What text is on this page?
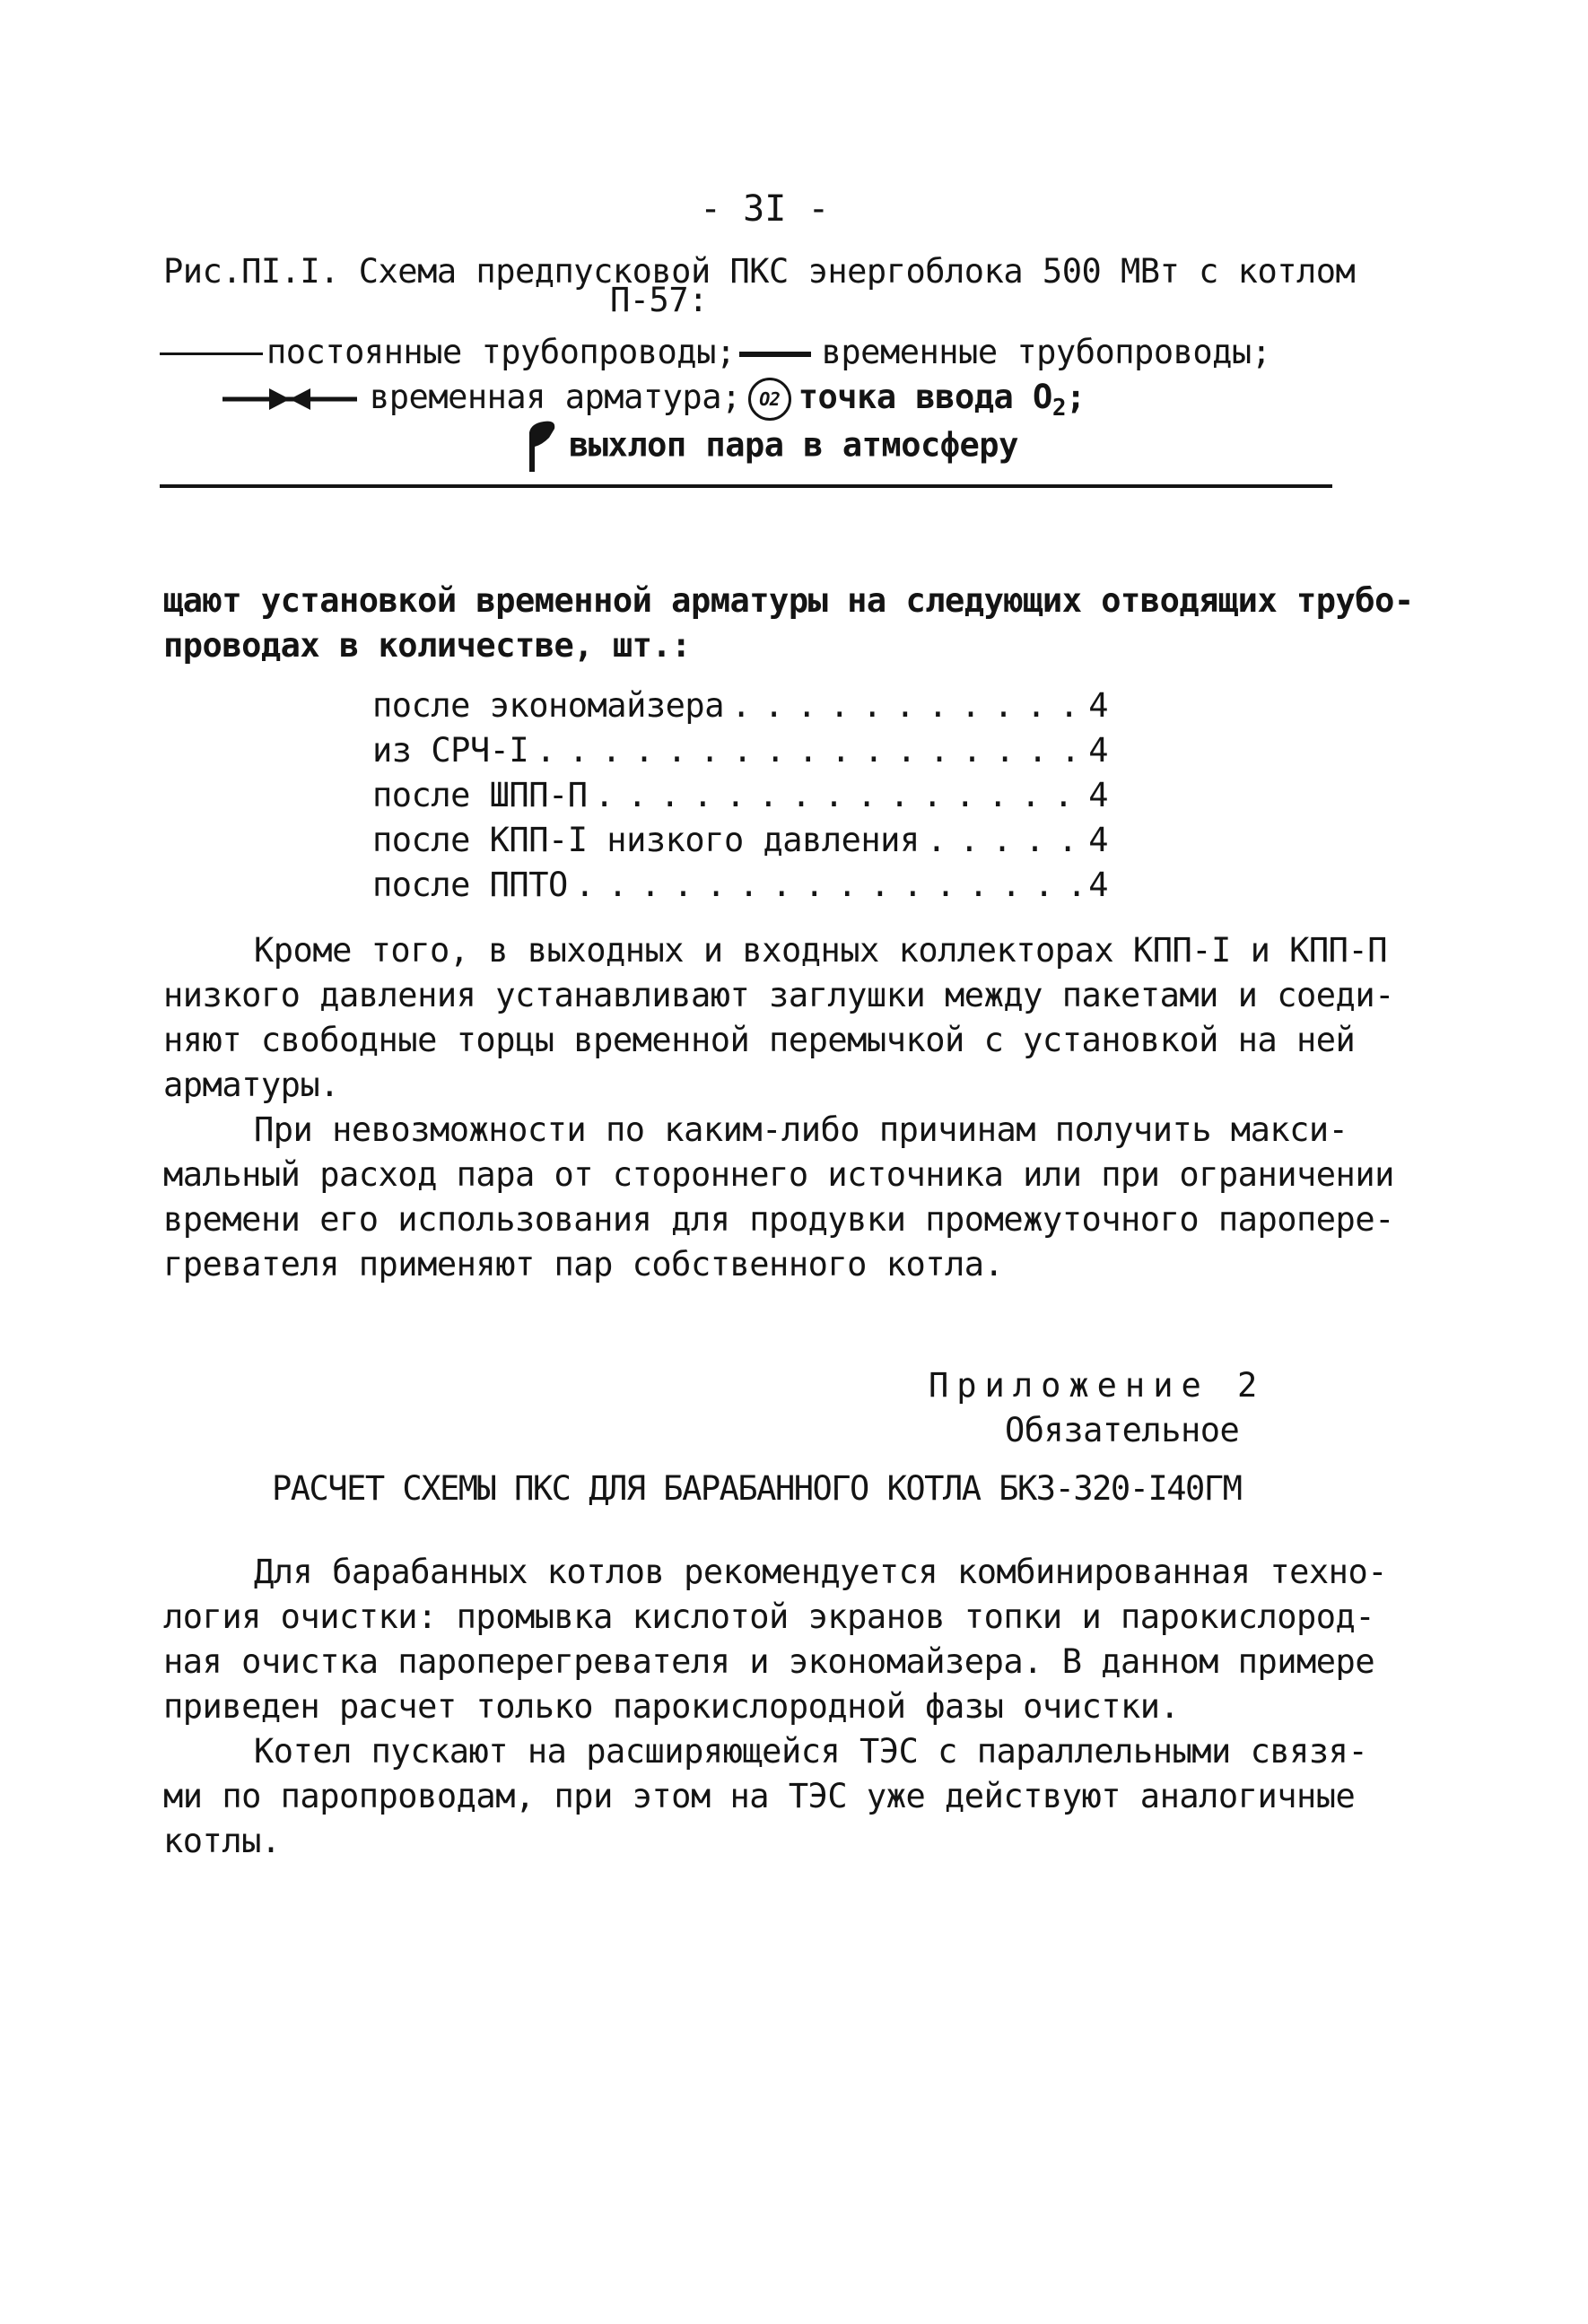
- 3I -
Рис.ПI.I. Схема предпусковой ПКС энергоблока 500 МВт с котлом
П-57:
постоянные трубопроводы;	временные трубопроводы;
временная арматура; O2 точка ввода $O_2$;
выхлоп пара в атмосферу
щают установкой временной арматуры на следующих отводящих трубо-
проводах в количестве, шт.:
после экономайзера . . .	4
из СРЧ-I . . .	4
после ШПП-П . . .	4
после КПП-I низкого давления . . .	4
после ППТО . . .	4
Кроме того, в выходных и входных коллекторах КПП-I и КПП-П
низкого давления устанавливают заглушки между пакетами и соеди-
няют свободные торцы временной перемычкой с установкой на ней
арматуры.
При невозможности по каким-либо причинам получить макси-
мальный расход пара от стороннего источника или при ограничении
времени его использования для продувки промежуточного паропере-
гревателя применяют пар собственного котла.
Приложение 2
Обязательное
РАСЧЕТ СХЕМЫ ПКС ДЛЯ БАРАБАННОГО КОТЛА БКЗ-320-I40ГМ
Для барабанных котлов рекомендуется комбинированная техно-
логия очистки: промывка кислотой экранов топки и парокислород-
ная очистка пароперегревателя и экономайзера. В данном примере
приведен расчет только парокислородной фазы очистки.
Котел пускают на расширяющейся ТЭС с параллельными связя-
ми по паропроводам, при этом на ТЭС уже действуют аналогичные
котлы.
